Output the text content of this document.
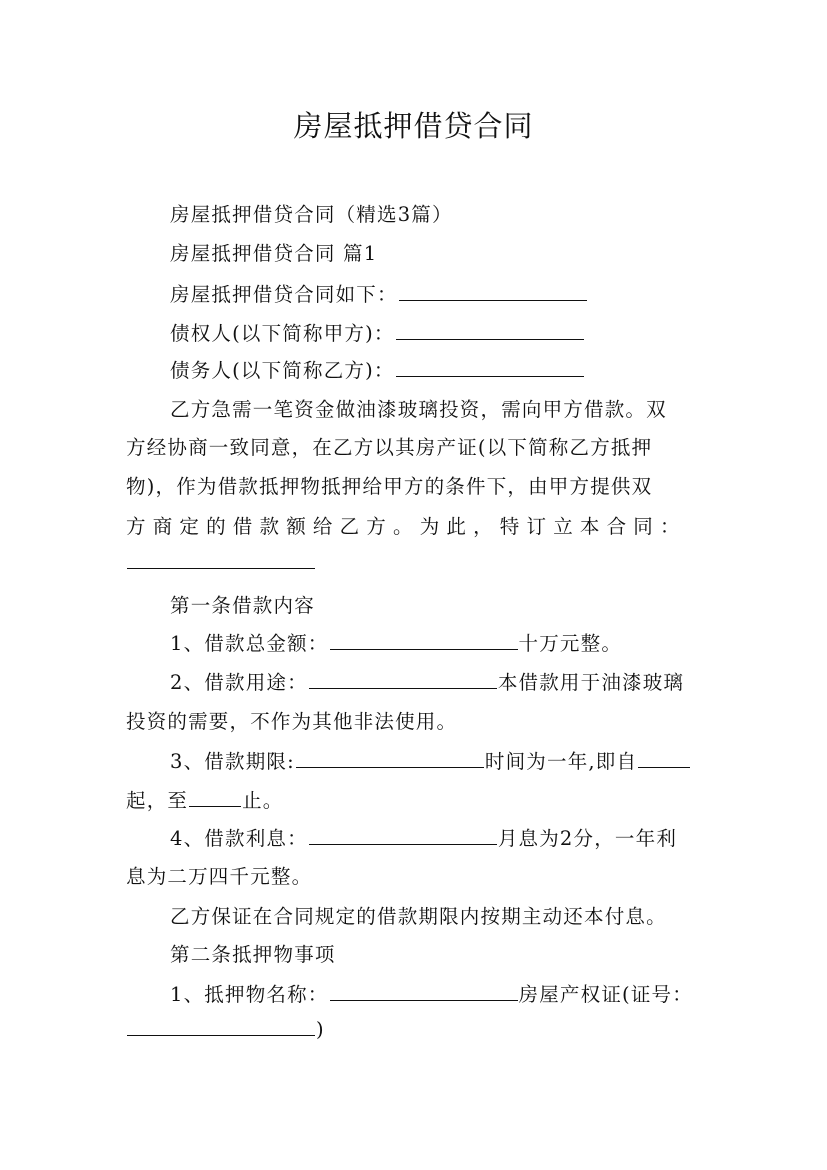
房屋抵押借贷合同
房屋抵押借贷合同（精选3篇）
房屋抵押借贷合同 篇1
房屋抵押借贷合同如下：
债权人(以下简称甲方)：
债务人(以下简称乙方)：
乙方急需一笔资金做油漆玻璃投资，需向甲方借款。双
方经协商一致同意，在乙方以其房产证(以下简称乙方抵押
物)，作为借款抵押物抵押给甲方的条件下，由甲方提供双
方商定的借款额给乙方。为此，特订立本合同：
第一条借款内容
1、借款总金额：	十万元整。
2、借款用途：	本借款用于油漆玻璃
投资的需要，不作为其他非法使用。
3、借款期限:	时间为一年,即自
起，至	止。
4、借款利息：	月息为2分，一年利
息为二万四千元整。
乙方保证在合同规定的借款期限内按期主动还本付息。
第二条抵押物事项
1、抵押物名称：	房屋产权证(证号：
)
